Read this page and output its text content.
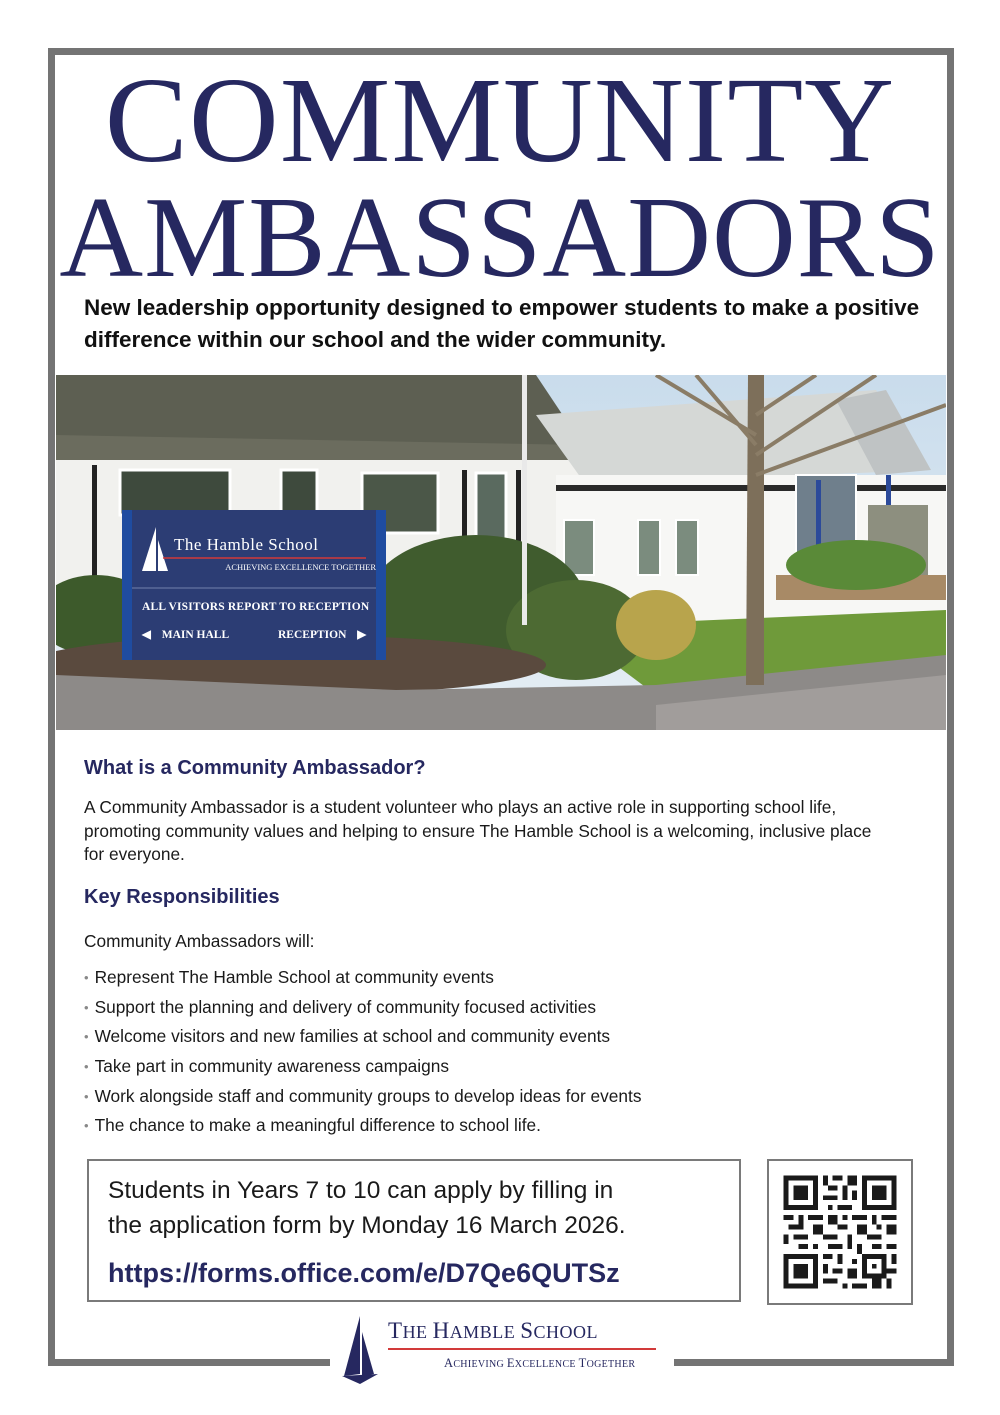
COMMUNITY
AMBASSADORS
New leadership opportunity designed to empower students to make a positive difference within our school and the wider community.
The Hamble School
ACHIEVING EXCELLENCE TOGETHER
ALL VISITORS REPORT TO RECEPTION
◀ MAIN HALL	RECEPTION ▶
What is a Community Ambassador?
A Community Ambassador is a student volunteer who plays an active role in supporting school life, promoting community values and helping to ensure The Hamble School is a welcoming, inclusive place for everyone.
Key Responsibilities
Community Ambassadors will:
• Represent The Hamble School at community events
• Support the planning and delivery of community focused activities
• Welcome visitors and new families at school and community events
• Take part in community awareness campaigns
• Work alongside staff and community groups to develop ideas for events
• The chance to make a meaningful difference to school life.
Students in Years 7 to 10 can apply by filling in
the application form by Monday 16 March 2026.
https://forms.office.com/e/D7Qe6QUTSz
THE HAMBLE SCHOOL
ACHIEVING EXCELLENCE TOGETHER
